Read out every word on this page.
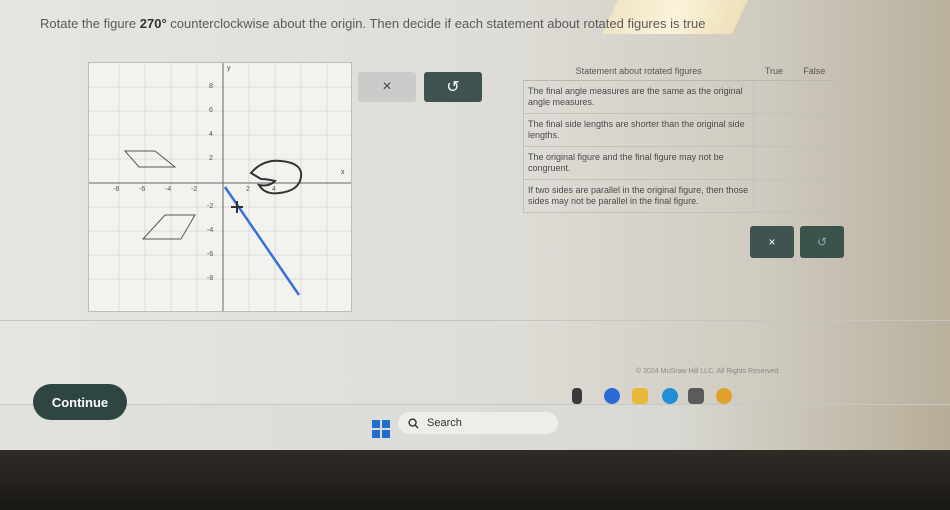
Rotate the figure 270° counterclockwise about the origin. Then decide if each statement about rotated figures is true
y
x
-8	-6	-4	-2	2	4
8
6
4
2
-2
-4
-6
-8
×	↺
Statement about rotated figures	True	False
The final angle measures are the same as the original angle measures.		
The final side lengths are shorter than the original side lengths.		
The original figure and the final figure may not be congruent.		
If two sides are parallel in the original figure, then those sides may not be parallel in the final figure.		
×	↺
© 2024 McGraw Hill LLC. All Rights Reserved.
Continue
Search
